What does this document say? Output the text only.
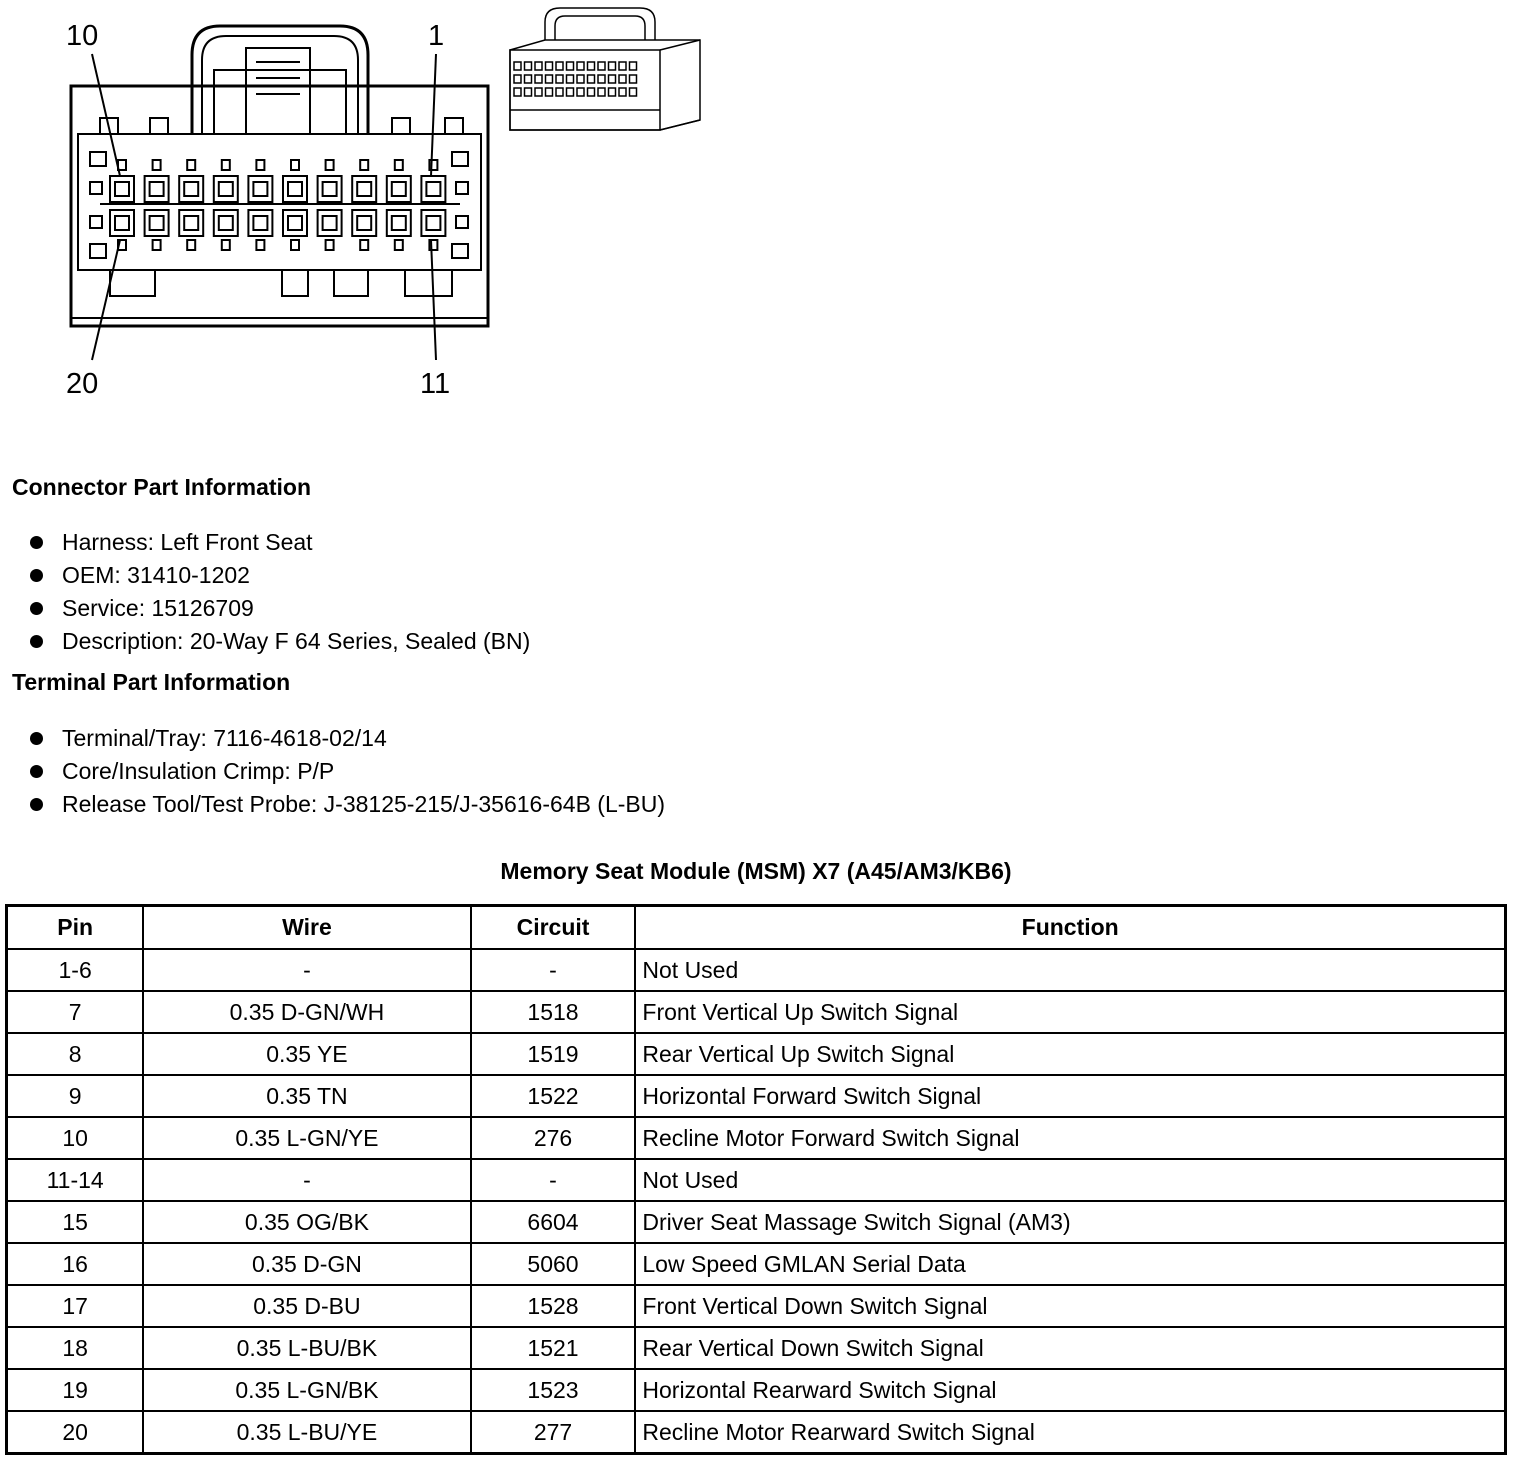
10	1
20	11
Connector Part Information
Harness: Left Front Seat
OEM: 31410-1202
Service: 15126709
Description: 20-Way F 64 Series, Sealed (BN)
Terminal Part Information
Terminal/Tray: 7116-4618-02/14
Core/Insulation Crimp: P/P
Release Tool/Test Probe: J-38125-215/J-35616-64B (L-BU)
Memory Seat Module (MSM) X7 (A45/AM3/KB6)
Pin	Wire	Circuit	Function
1-6	-	-	Not Used
7	0.35 D-GN/WH	1518	Front Vertical Up Switch Signal
8	0.35 YE	1519	Rear Vertical Up Switch Signal
9	0.35 TN	1522	Horizontal Forward Switch Signal
10	0.35 L-GN/YE	276	Recline Motor Forward Switch Signal
11-14	-	-	Not Used
15	0.35 OG/BK	6604	Driver Seat Massage Switch Signal (AM3)
16	0.35 D-GN	5060	Low Speed GMLAN Serial Data
17	0.35 D-BU	1528	Front Vertical Down Switch Signal
18	0.35 L-BU/BK	1521	Rear Vertical Down Switch Signal
19	0.35 L-GN/BK	1523	Horizontal Rearward Switch Signal
20	0.35 L-BU/YE	277	Recline Motor Rearward Switch Signal
